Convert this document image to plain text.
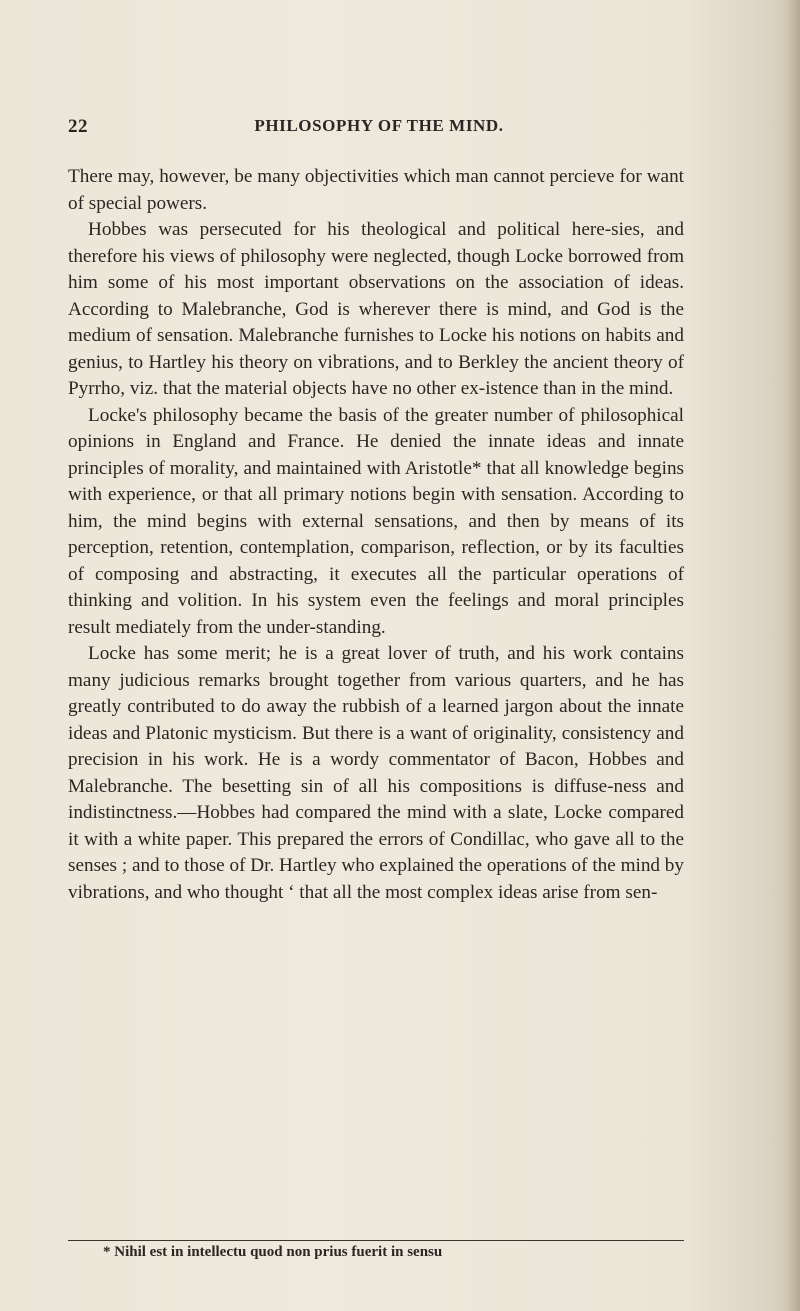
22	PHILOSOPHY OF THE MIND.

There may, however, be many objectivities which man cannot percieve for want of special powers.

Hobbes was persecuted for his theological and political here-sies, and therefore his views of philosophy were neglected, though Locke borrowed from him some of his most important observations on the association of ideas. According to Malebranche, God is wherever there is mind, and God is the medium of sensation. Malebranche furnishes to Locke his notions on habits and genius, to Hartley his theory on vibrations, and to Berkley the ancient theory of Pyrrho, viz. that the material objects have no other ex-istence than in the mind.

Locke's philosophy became the basis of the greater number of philosophical opinions in England and France. He denied the innate ideas and innate principles of morality, and maintained with Aristotle* that all knowledge begins with experience, or that all primary notions begin with sensation. According to him, the mind begins with external sensations, and then by means of its perception, retention, contemplation, comparison, reflection, or by its faculties of composing and abstracting, it executes all the particular operations of thinking and volition. In his system even the feelings and moral principles result mediately from the under-standing.

Locke has some merit; he is a great lover of truth, and his work contains many judicious remarks brought together from various quarters, and he has greatly contributed to do away the rubbish of a learned jargon about the innate ideas and Platonic mysticism. But there is a want of originality, consistency and precision in his work. He is a wordy commentator of Bacon, Hobbes and Malebranche. The besetting sin of all his compositions is diffuse-ness and indistinctness.—Hobbes had compared the mind with a slate, Locke compared it with a white paper. This prepared the errors of Condillac, who gave all to the senses ; and to those of Dr. Hartley who explained the operations of the mind by vibrations, and who thought ‘ that all the most complex ideas arise from sen-

* Nihil est in intellectu quod non prius fuerit in sensu
